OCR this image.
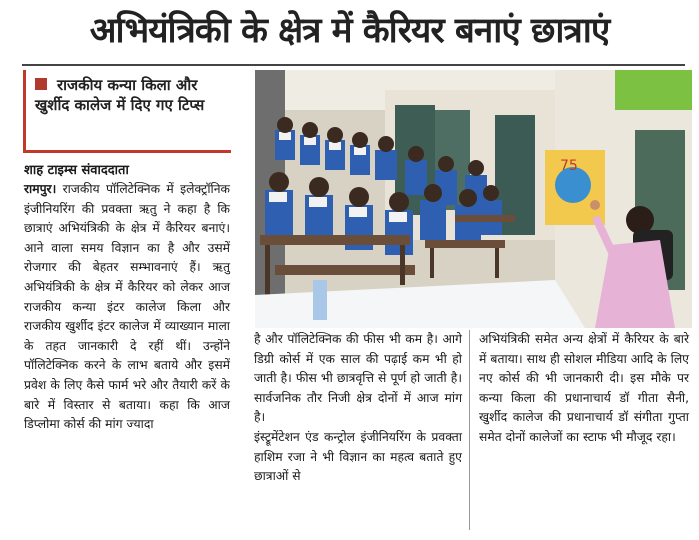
अभियंत्रिकी के क्षेत्र में कैरियर बनाएं छात्राएं
राजकीय कन्या किला और खुर्शीद कालेज में दिए गए टिप्स
शाह टाइम्स संवाददाता
रामपुर। राजकीय पॉलिटेक्निक में इलेक्ट्रॉनिक इंजीनियरिंग की प्रवक्ता ऋतु ने कहा है कि छात्राएं अभियंत्रिकी के क्षेत्र में कैरियर बनाएं। आने वाला समय विज्ञान का है और उसमें रोजगार की बेहतर सम्भावनाएं हैं। ऋतु अभियंत्रिकी के क्षेत्र में कैरियर को लेकर आज राजकीय कन्या इंटर कालेज किला और राजकीय खुर्शीद इंटर कालेज में व्याख्यान माला के तहत जानकारी दे रहीं थीं। उन्होंने पॉलिटेक्निक करने के लाभ बताये और इसमें प्रवेश के लिए कैसे फार्म भरे और तैयारी करें के बारे में विस्तार से बताया। कहा कि आज डिप्लोमा कोर्स की मांग ज्यादा
75
है और पॉलिटेक्निक की फीस भी कम है। आगे डिग्री कोर्स में एक साल की पढ़ाई कम भी हो जाती है। फीस भी छात्रवृत्ति से पूर्ण हो जाती है। सार्वजनिक तौर निजी क्षेत्र दोनों में आज मांग है।
इंस्ट्रूमेंटेशन एंड कन्ट्रोल इंजीनियरिंग के प्रवक्ता हाशिम रजा ने भी विज्ञान का महत्व बताते हुए छात्राओं से
अभियंत्रिकी समेत अन्य क्षेत्रों में कैरियर के बारे में बताया। साथ ही सोशल मीडिया आदि के लिए नए कोर्स की भी जानकारी दी। इस मौके पर कन्या किला की प्रधानाचार्य डॉ गीता सैनी, खुर्शीद कालेज की प्रधानाचार्य डॉ संगीता गुप्ता समेत दोनों कालेजों का स्टाफ भी मौजूद रहा।
